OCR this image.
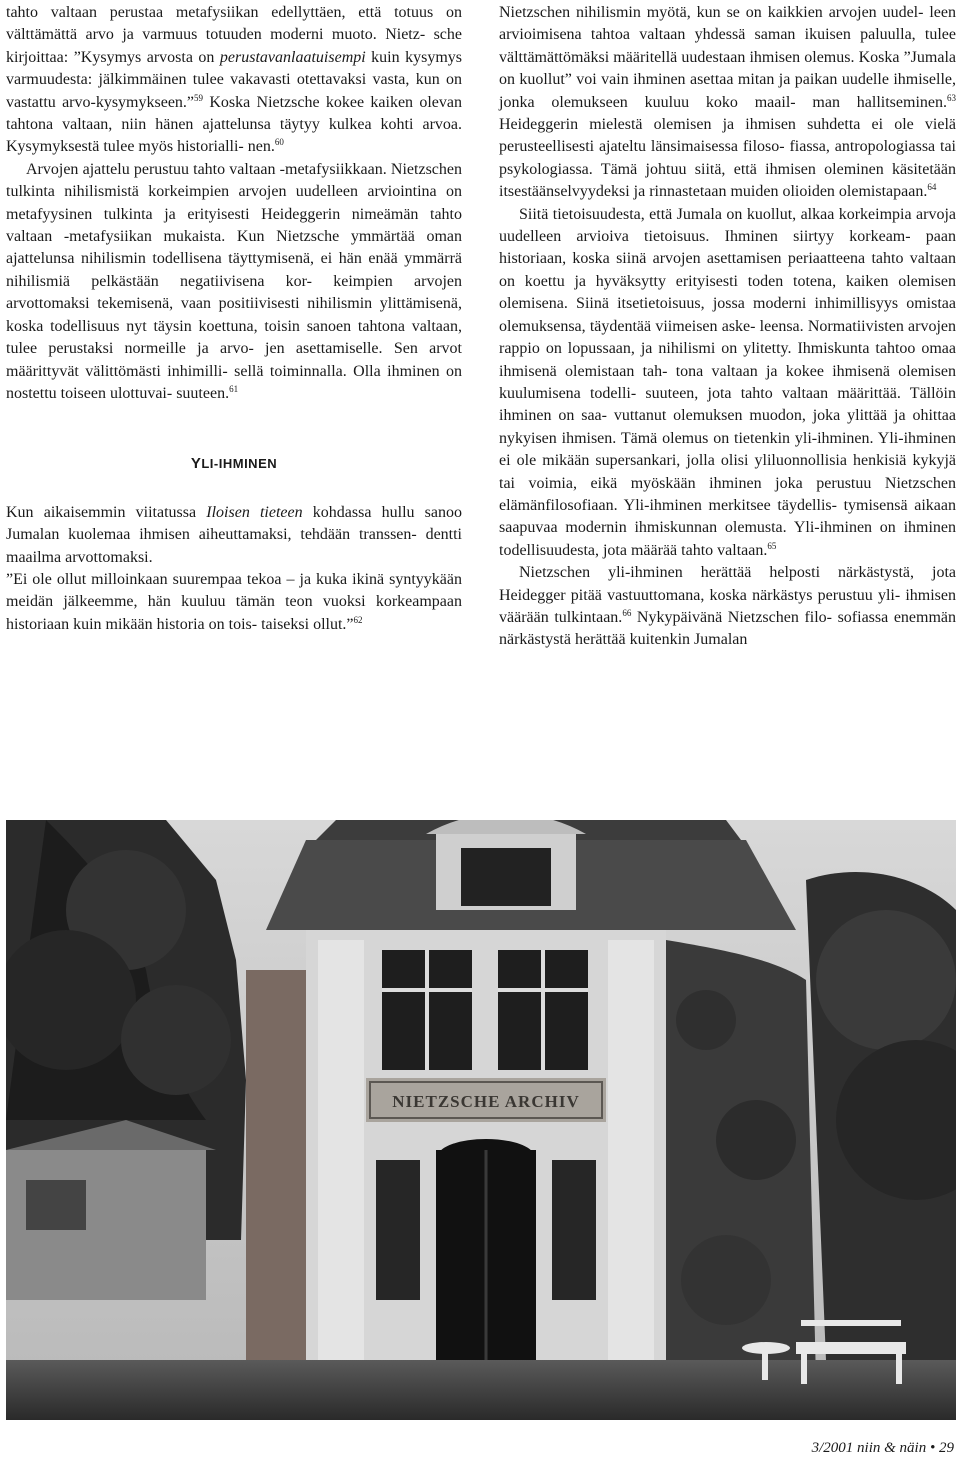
tahto valtaan perustaa metafysiikan edellyttäen, että totuus on välttämättä arvo ja varmuus totuuden moderni muoto. Nietz- sche kirjoittaa: ”Kysymys arvosta on perustavanlaatuisempi kuin kysymys varmuudesta: jälkimmäinen tulee vakavasti otettavaksi vasta, kun on vastattu arvo-kysymykseen.”$^{59}$ Koska Nietzsche kokee kaiken olevan tahtona valtaan, niin hänen ajattelunsa täytyy kulkea kohti arvoa. Kysymyksestä tulee myös historialli- nen.$^{60}$

Arvojen ajattelu perustuu tahto valtaan -metafysiikkaan. Nietzschen tulkinta nihilismistä korkeimpien arvojen uudelleen arviointina on metafyysinen tulkinta ja erityisesti Heideggerin nimeämän tahto valtaan -metafysiikan mukaista. Kun Nietzsche ymmärtää oman ajattelunsa nihilismin todellisena täyttymisenä, ei hän enää ymmärrä nihilismiä pelkästään negatiivisena kor- keimpien arvojen arvottomaksi tekemisenä, vaan positiivisesti nihilismin ylittämisenä, koska todellisuus nyt täysin koettuna, toisin sanoen tahtona valtaan, tulee perustaksi normeille ja arvo- jen asettamiselle. Sen arvot määrittyvät välittömästi inhimilli- sellä toiminnalla. Olla ihminen on nostettu toiseen ulottuvai- suuteen.$^{61}$

YLI-IHMINEN

Kun aikaisemmin viitatussa Iloisen tieteen kohdassa hullu sanoo Jumalan kuolemaa ihmisen aiheuttamaksi, tehdään transsen- dentti maailma arvottomaksi.

”Ei ole ollut milloinkaan suurempaa tekoa – ja kuka ikinä syntyykään meidän jälkeemme, hän kuuluu tämän teon vuoksi korkeampaan historiaan kuin mikään historia on tois- taiseksi ollut.”$^{62}$

Nietzschen nihilismin myötä, kun se on kaikkien arvojen uudel- leen arvioimisena tahtoa valtaan yhdessä saman ikuisen paluulla, tulee välttämättömäksi määritellä uudestaan ihmisen olemus. Koska ”Jumala on kuollut” voi vain ihminen asettaa mitan ja paikan uudelle ihmiselle, jonka olemukseen kuuluu koko maail- man hallitseminen.$^{63}$ Heideggerin mielestä olemisen ja ihmisen suhdetta ei ole vielä perusteellisesti ajateltu länsimaisessa filoso- fiassa, antropologiassa tai psykologiassa. Tämä johtuu siitä, että ihmisen oleminen käsitetään itsestäänselvyydeksi ja rinnastetaan muiden olioiden olemistapaan.$^{64}$

Siitä tietoisuudesta, että Jumala on kuollut, alkaa korkeimpia arvoja uudelleen arvioiva tietoisuus. Ihminen siirtyy korkeam- paan historiaan, koska siinä arvojen asettamisen periaatteena tahto valtaan on koettu ja hyväksytty erityisesti toden totena, kaiken olemisen olemisena. Siinä itsetietoisuus, jossa moderni inhimillisyys omistaa olemuksensa, täydentää viimeisen aske- leensa. Normatiivisten arvojen rappio on lopussaan, ja nihilismi on ylitetty. Ihmiskunta tahtoo omaa ihmisenä olemistaan tah- tona valtaan ja kokee ihmisenä olemisen kuulumisena todelli- suuteen, jota tahto valtaan määrittää. Tällöin ihminen on saa- vuttanut olemuksen muodon, joka ylittää ja ohittaa nykyisen ihmisen. Tämä olemus on tietenkin yli-ihminen. Yli-ihminen ei ole mikään supersankari, jolla olisi yliluonnollisia henkisiä kykyjä tai voimia, eikä myöskään ihminen joka perustuu Nietzschen elämänfilosofiaan. Yli-ihminen merkitsee täydellis- tymisensä aikaan saapuvaa modernin ihmiskunnan olemusta. Yli-ihminen on ihminen todellisuudesta, jota määrää tahto valtaan.$^{65}$

Nietzschen yli-ihminen herättää helposti närkästystä, jota Heidegger pitää vastuuttomana, koska närkästys perustuu yli- ihmisen väärään tulkintaan.$^{66}$ Nykypäivänä Nietzschen filo- sofiassa enemmän närkästystä herättää kuitenkin Jumalan

NIETZSCHE ARCHIV
3/2001 niin & näin • 29
